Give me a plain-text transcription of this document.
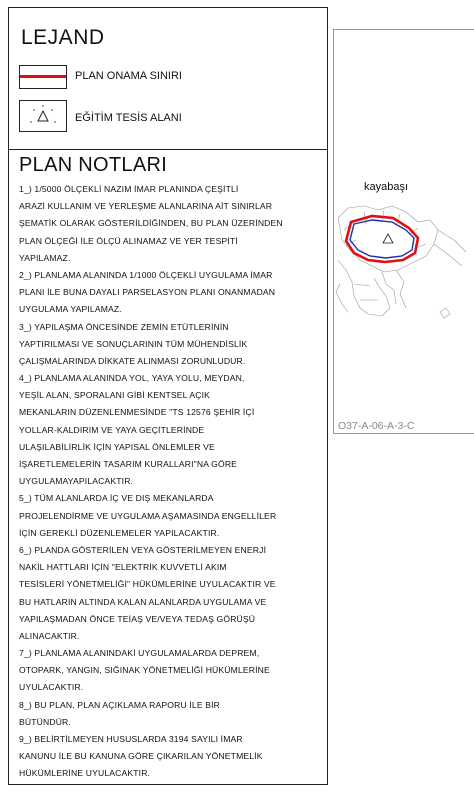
LEJAND
PLAN ONAMA SINIRI
EĞİTİM TESİS ALANI
PLAN NOTLARI
1_) 1/5000 ÖLÇEKLİ NAZIM İMAR PLANINDA ÇEŞİTLİ
ARAZİ KULLANIM VE YERLEŞME ALANLARINA AİT SINIRLAR
ŞEMATİK OLARAK GÖSTERİLDİĞİNDEN, BU PLAN ÜZERİNDEN
PLAN ÖLÇEĞİ İLE ÖLÇÜ ALINAMAZ VE YER TESPİTİ
YAPILAMAZ.
2_) PLANLAMA ALANINDA 1/1000 ÖLÇEKLİ UYGULAMA İMAR
PLANI İLE BUNA DAYALI PARSELASYON PLANI ONANMADAN
UYGULAMA YAPILAMAZ.
3_) YAPILAŞMA ÖNCESİNDE ZEMİN ETÜTLERİNİN
YAPTIRILMASI VE SONUÇLARININ TÜM MÜHENDİSLİK
ÇALIŞMALARINDA DİKKATE ALINMASI ZORUNLUDUR.
4_) PLANLAMA ALANINDA YOL, YAYA YOLU, MEYDAN,
YEŞİL ALAN, SPORALANI GİBİ KENTSEL AÇIK
MEKANLARIN DÜZENLENMESİNDE "TS 12576 ŞEHİR İÇİ
YOLLAR-KALDIRIM VE YAYA GEÇİTLERİNDE
ULAŞILABİLİRLİK İÇİN YAPISAL ÖNLEMLER VE
İŞARETLEMELERİN TASARIM KURALLARI"NA GÖRE
UYGULAMAYAPILACAKTIR.
5_) TÜM ALANLARDA İÇ VE DIŞ MEKANLARDA
PROJELENDİRME VE UYGULAMA AŞAMASINDA ENGELLİLER
İÇİN GEREKLİ DÜZENLEMELER YAPILACAKTIR.
6_) PLANDA GÖSTERİLEN VEYA GÖSTERİLMEYEN ENERJİ
NAKİL HATTLARI İÇİN "ELEKTRİK KUVVETLİ AKIM
TESİSLERİ YÖNETMELİĞİ" HÜKÜMLERİNE UYULACAKTIR VE
BU HATLARIN ALTINDA KALAN ALANLARDA UYGULAMA VE
YAPILAŞMADAN ÖNCE TEİAŞ VE/VEYA TEDAŞ GÖRÜŞÜ
ALINACAKTIR.
7_) PLANLAMA ALANINDAKİ UYGULAMALARDA DEPREM,
OTOPARK, YANGIN, SIĞINAK YÖNETMELİĞİ HÜKÜMLERİNE
UYULACAKTIR.
8_) BU PLAN, PLAN AÇIKLAMA RAPORU İLE BİR
BÜTÜNDÜR.
9_) BELİRTİLMEYEN HUSUSLARDA 3194 SAYILI İMAR
KANUNU İLE BU KANUNA GÖRE ÇIKARILAN YÖNETMELİK
HÜKÜMLERİNE UYULACAKTIR.
kayabaşı
O37-A-06-A-3-C
